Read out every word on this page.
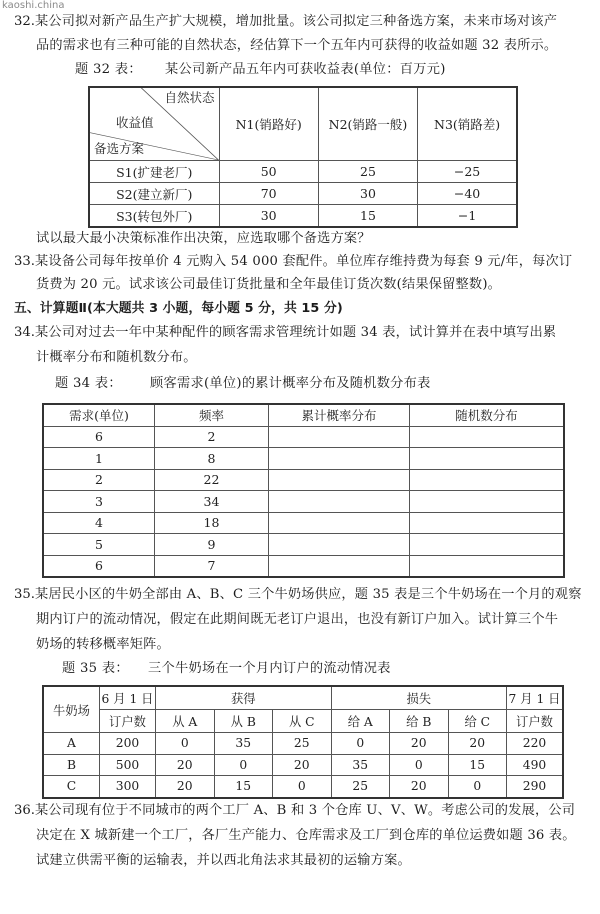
kaoshi.china
32.某公司拟对新产品生产扩大规模，增加批量。该公司拟定三种备选方案，未来市场对该产
品的需求也有三种可能的自然状态，经估算下一个五年内可获得的收益如题 32 表所示。
题 32 表： 某公司新产品五年内可获收益表(单位：百万元)
自然状态
收益值
备选方案	N1(销路好)	N2(销路一般)	N3(销路差)
S1(扩建老厂)	50	25	−25
S2(建立新厂)	70	30	−40
S3(转包外厂)	30	15	−1
试以最大最小决策标准作出决策，应选取哪个备选方案？
33.某设备公司每年按单价 4 元购入 54 000 套配件。单位库存维持费为每套 9 元/年，每次订
货费为 20 元。试求该公司最佳订货批量和全年最佳订货次数(结果保留整数)。
五、计算题Ⅱ(本大题共 3 小题，每小题 5 分，共 15 分)
34.某公司对过去一年中某种配件的顾客需求管理统计如题 34 表，试计算并在表中填写出累
计概率分布和随机数分布。
题 34 表： 顾客需求(单位)的累计概率分布及随机数分布表
需求(单位)	频率	累计概率分布	随机数分布
6	2		
1	8		
2	22		
3	34		
4	18		
5	9		
6	7		
35.某居民小区的牛奶全部由 A、B、C 三个牛奶场供应，题 35 表是三个牛奶场在一个月的观察
期内订户的流动情况，假定在此期间既无老订户退出，也没有新订户加入。试计算三个牛
奶场的转移概率矩阵。
题 35 表： 三个牛奶场在一个月内订户的流动情况表
牛奶场	6 月 1 日	获得			损失			7 月 1 日
	订户数	从 A	从 B	从 C	给 A	给 B	给 C	订户数
A	200	0	35	25	0	20	20	220
B	500	20	0	20	35	0	15	490
C	300	20	15	0	25	20	0	290
36.某公司现有位于不同城市的两个工厂 A、B 和 3 个仓库 U、V、W。考虑公司的发展，公司
决定在 X 城新建一个工厂，各厂生产能力、仓库需求及工厂到仓库的单位运费如题 36 表。
试建立供需平衡的运输表，并以西北角法求其最初的运输方案。
